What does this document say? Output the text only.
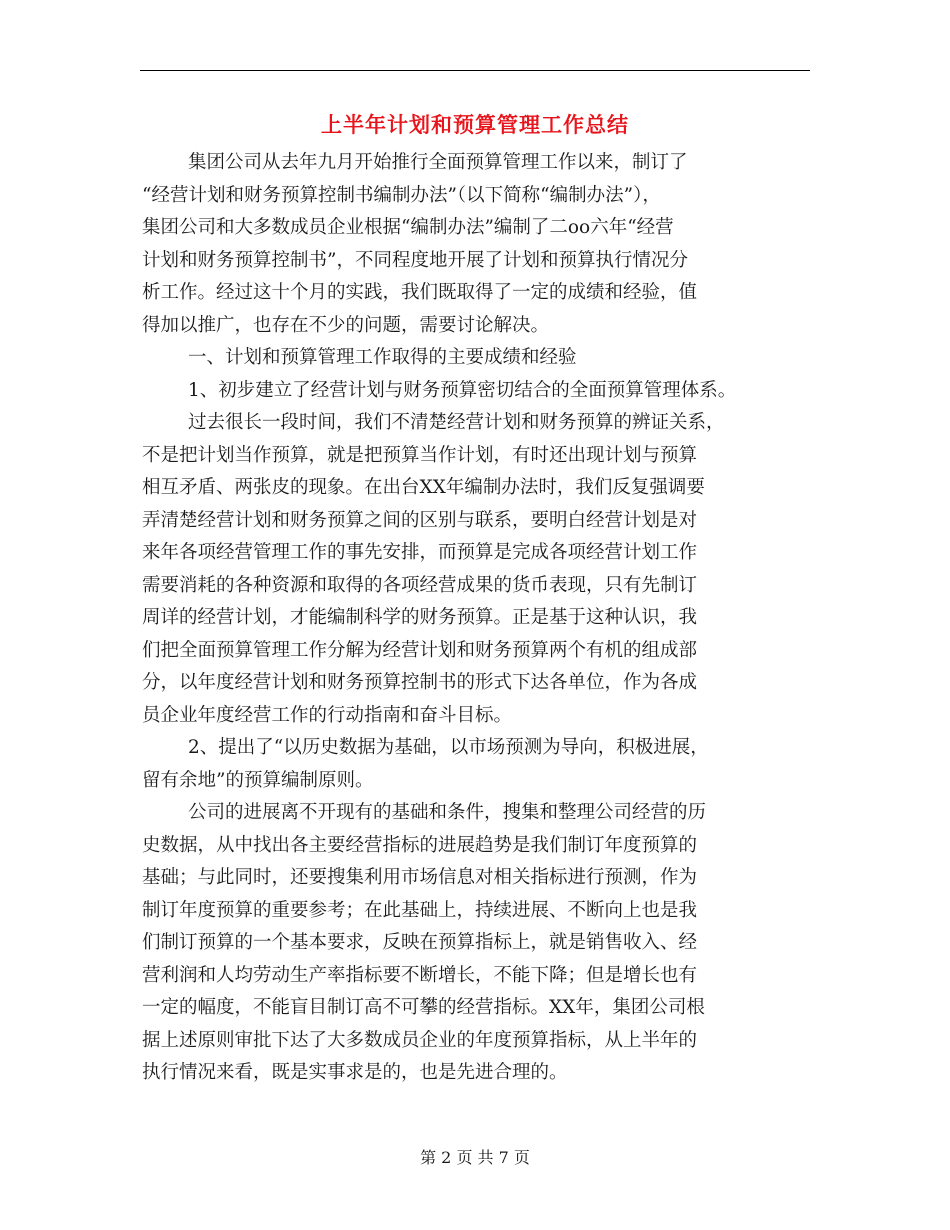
上半年计划和预算管理工作总结
集团公司从去年九月开始推行全面预算管理工作以来，制订了
“经营计划和财务预算控制书编制办法”（以下简称“编制办法”），
集团公司和大多数成员企业根据“编制办法”编制了二oo六年“经营
计划和财务预算控制书”，不同程度地开展了计划和预算执行情况分
析工作。经过这十个月的实践，我们既取得了一定的成绩和经验，值
得加以推广，也存在不少的问题，需要讨论解决。
一、计划和预算管理工作取得的主要成绩和经验
1、初步建立了经营计划与财务预算密切结合的全面预算管理体系。
过去很长一段时间，我们不清楚经营计划和财务预算的辨证关系，
不是把计划当作预算，就是把预算当作计划，有时还出现计划与预算
相互矛盾、两张皮的现象。在出台XX年编制办法时，我们反复强调要
弄清楚经营计划和财务预算之间的区别与联系，要明白经营计划是对
来年各项经营管理工作的事先安排，而预算是完成各项经营计划工作
需要消耗的各种资源和取得的各项经营成果的货币表现，只有先制订
周详的经营计划，才能编制科学的财务预算。正是基于这种认识，我
们把全面预算管理工作分解为经营计划和财务预算两个有机的组成部
分，以年度经营计划和财务预算控制书的形式下达各单位，作为各成
员企业年度经营工作的行动指南和奋斗目标。
2、提出了“以历史数据为基础，以市场预测为导向，积极进展，
留有余地”的预算编制原则。
公司的进展离不开现有的基础和条件，搜集和整理公司经营的历
史数据，从中找出各主要经营指标的进展趋势是我们制订年度预算的
基础；与此同时，还要搜集利用市场信息对相关指标进行预测，作为
制订年度预算的重要参考；在此基础上，持续进展、不断向上也是我
们制订预算的一个基本要求，反映在预算指标上，就是销售收入、经
营利润和人均劳动生产率指标要不断增长，不能下降；但是增长也有
一定的幅度，不能盲目制订高不可攀的经营指标。XX年，集团公司根
据上述原则审批下达了大多数成员企业的年度预算指标，从上半年的
执行情况来看，既是实事求是的，也是先进合理的。
第 2 页 共 7 页
